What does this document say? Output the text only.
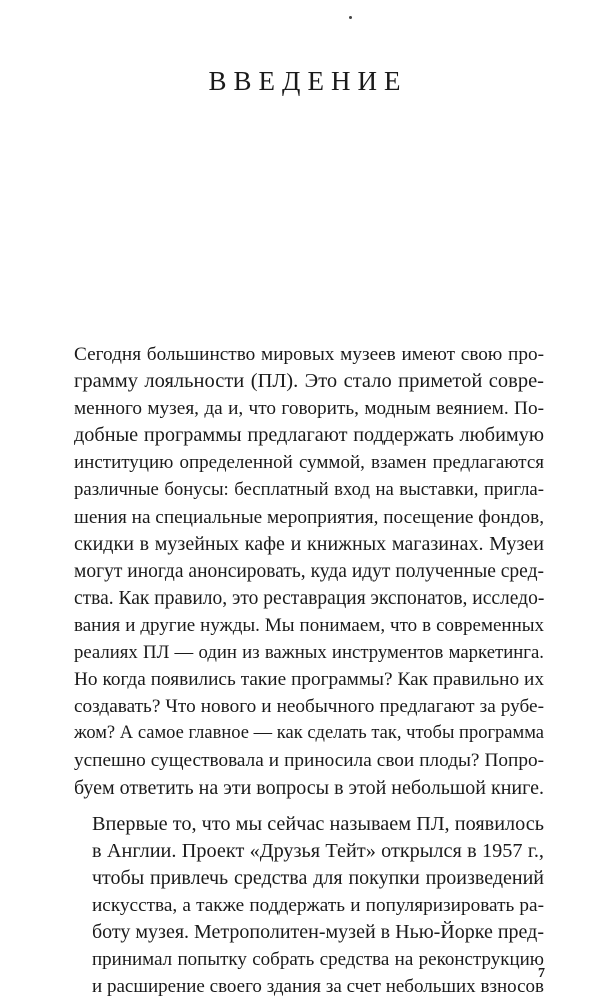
ВВЕДЕНИЕ

Сегодня большинство мировых музеев имеют свою про-
грамму лояльности (ПЛ). Это стало приметой совре-
менного музея, да и, что говорить, модным веянием. По-
добные программы предлагают поддержать любимую
институцию определенной суммой, взамен предлагаются
различные бонусы: бесплатный вход на выставки, пригла-
шения на специальные мероприятия, посещение фондов,
скидки в музейных кафе и книжных магазинах. Музеи
могут иногда анонсировать, куда идут полученные сред-
ства. Как правило, это реставрация экспонатов, исследо-
вания и другие нужды. Мы понимаем, что в современных
реалиях ПЛ — один из важных инструментов маркетинга.
Но когда появились такие программы? Как правильно их
создавать? Что нового и необычного предлагают за рубе-
жом? А самое главное — как сделать так, чтобы программа
успешно существовала и приносила свои плоды? Попро-
буем ответить на эти вопросы в этой небольшой книге.

Впервые то, что мы сейчас называем ПЛ, появилось
в Англии. Проект «Друзья Тейт» открылся в 1957 г.,
чтобы привлечь средства для покупки произведений
искусства, а также поддержать и популяризировать ра-
боту музея. Метрополитен-музей в Нью-Йорке пред-
принимал попытку собрать средства на реконструкцию
и расширение своего здания за счет небольших взносов

7
